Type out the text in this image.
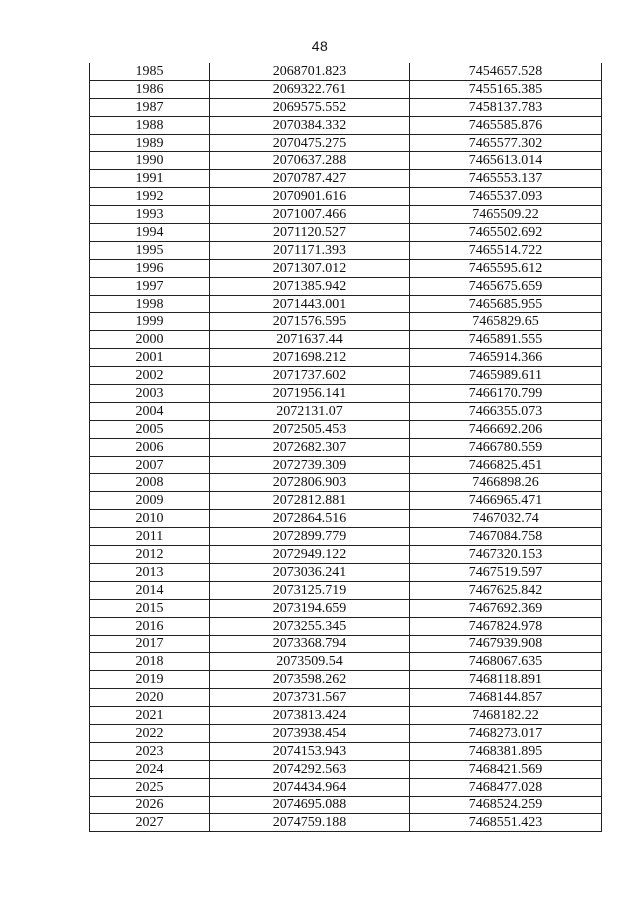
48
1985	2068701.823	7454657.528
1986	2069322.761	7455165.385
1987	2069575.552	7458137.783
1988	2070384.332	7465585.876
1989	2070475.275	7465577.302
1990	2070637.288	7465613.014
1991	2070787.427	7465553.137
1992	2070901.616	7465537.093
1993	2071007.466	7465509.22
1994	2071120.527	7465502.692
1995	2071171.393	7465514.722
1996	2071307.012	7465595.612
1997	2071385.942	7465675.659
1998	2071443.001	7465685.955
1999	2071576.595	7465829.65
2000	2071637.44	7465891.555
2001	2071698.212	7465914.366
2002	2071737.602	7465989.611
2003	2071956.141	7466170.799
2004	2072131.07	7466355.073
2005	2072505.453	7466692.206
2006	2072682.307	7466780.559
2007	2072739.309	7466825.451
2008	2072806.903	7466898.26
2009	2072812.881	7466965.471
2010	2072864.516	7467032.74
2011	2072899.779	7467084.758
2012	2072949.122	7467320.153
2013	2073036.241	7467519.597
2014	2073125.719	7467625.842
2015	2073194.659	7467692.369
2016	2073255.345	7467824.978
2017	2073368.794	7467939.908
2018	2073509.54	7468067.635
2019	2073598.262	7468118.891
2020	2073731.567	7468144.857
2021	2073813.424	7468182.22
2022	2073938.454	7468273.017
2023	2074153.943	7468381.895
2024	2074292.563	7468421.569
2025	2074434.964	7468477.028
2026	2074695.088	7468524.259
2027	2074759.188	7468551.423
